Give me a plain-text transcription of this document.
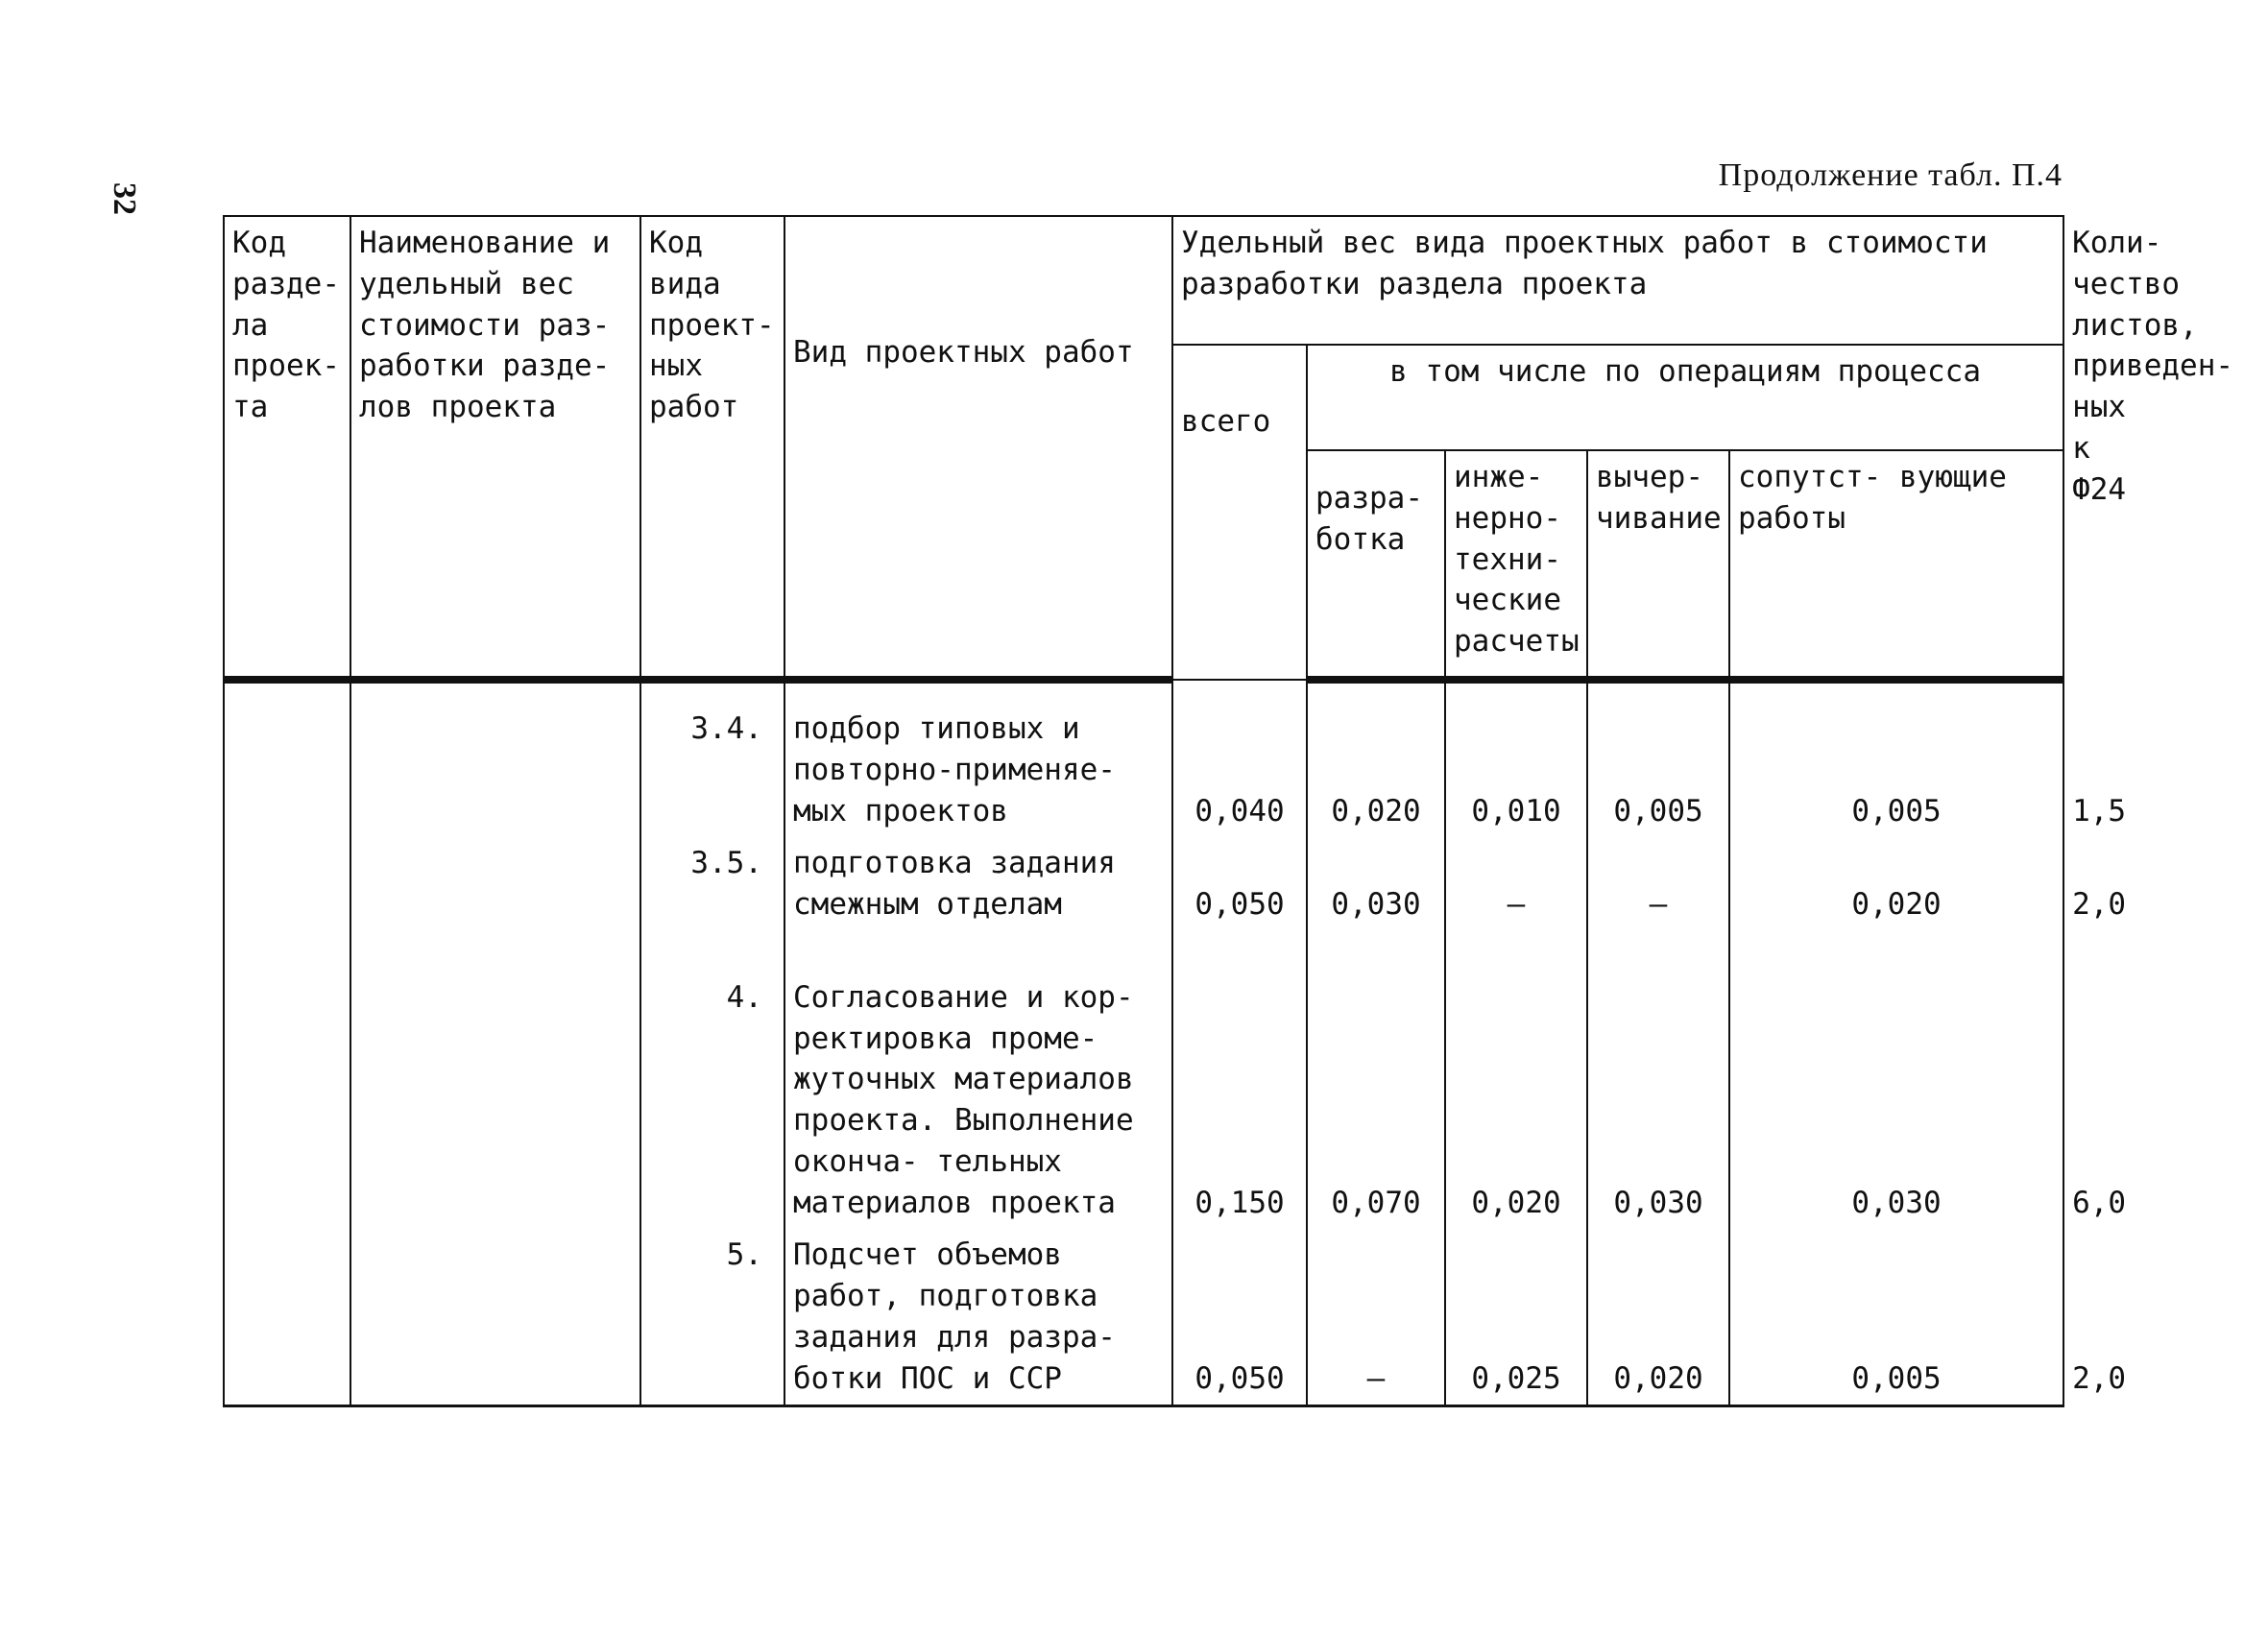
32
Продолжение табл. П.4
Код разде- ла проек- та	Наименование и удельный вес стоимости раз- работки разде- лов проекта	Код вида проект- ных работ	Вид проектных работ	Удельный вес вида проектных работ в стоимости разработки раздела проекта					Коли- чество листов, приведен- ных к Ф24
				всего	в том числе по операциям процесса				
					разра- ботка	инже- нерно- техни- ческие расчеты	вычер- чивание	сопутст- вующие работы	
		3.4.	подбор типовых и повторно-применяе- мых проектов	0,040	0,020	0,010	0,005	0,005	1,5
		3.5.	подготовка задания смежным отделам	0,050	0,030	–	–	0,020	2,0
		4.	Согласование и кор- ректировка проме- жуточных материалов проекта. Выполнение оконча- тельных материалов проекта	0,150	0,070	0,020	0,030	0,030	6,0
		5.	Подсчет объемов работ, подготовка задания для разра- ботки ПОС и ССР	0,050	–	0,025	0,020	0,005	2,0
